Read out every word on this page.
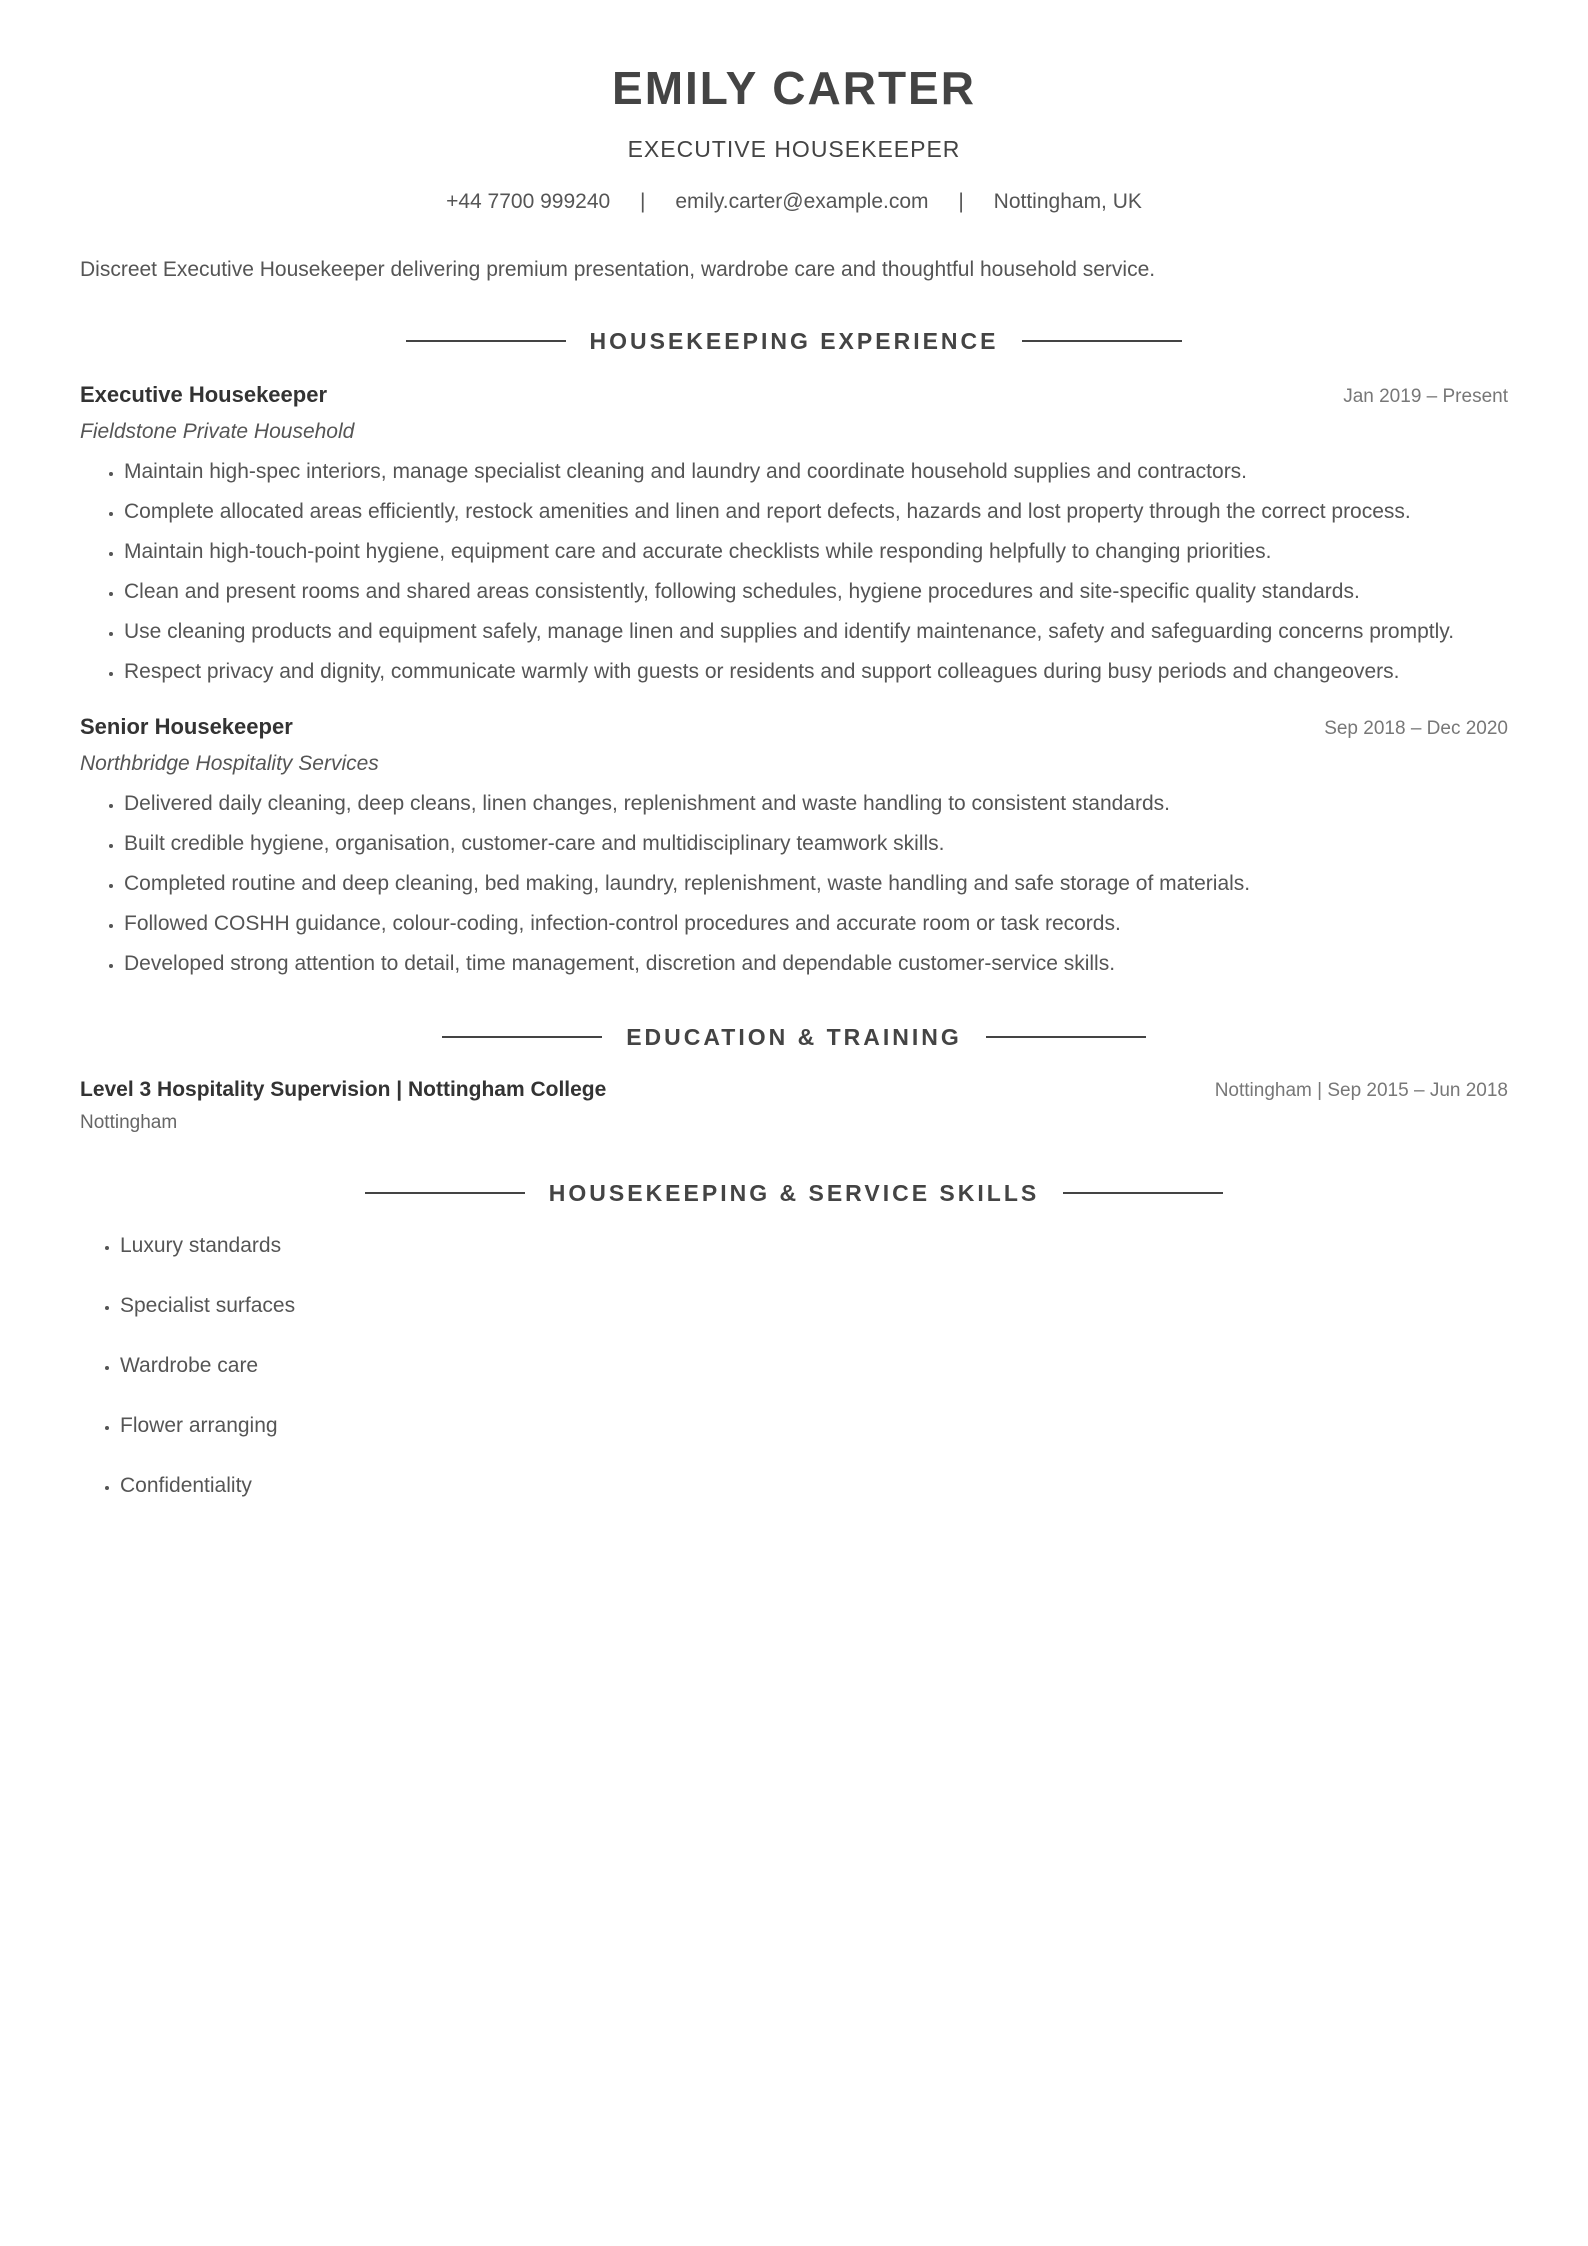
EMILY CARTER
EXECUTIVE HOUSEKEEPER
+44 7700 999240 | emily.carter@example.com | Nottingham, UK
Discreet Executive Housekeeper delivering premium presentation, wardrobe care and thoughtful household service.
HOUSEKEEPING EXPERIENCE
Executive Housekeeper	Jan 2019 – Present
Fieldstone Private Household
• Maintain high-spec interiors, manage specialist cleaning and laundry and coordinate household supplies and contractors.
• Complete allocated areas efficiently, restock amenities and linen and report defects, hazards and lost property through the correct process.
• Maintain high-touch-point hygiene, equipment care and accurate checklists while responding helpfully to changing priorities.
• Clean and present rooms and shared areas consistently, following schedules, hygiene procedures and site-specific quality standards.
• Use cleaning products and equipment safely, manage linen and supplies and identify maintenance, safety and safeguarding concerns promptly.
• Respect privacy and dignity, communicate warmly with guests or residents and support colleagues during busy periods and changeovers.
Senior Housekeeper	Sep 2018 – Dec 2020
Northbridge Hospitality Services
• Delivered daily cleaning, deep cleans, linen changes, replenishment and waste handling to consistent standards.
• Built credible hygiene, organisation, customer-care and multidisciplinary teamwork skills.
• Completed routine and deep cleaning, bed making, laundry, replenishment, waste handling and safe storage of materials.
• Followed COSHH guidance, colour-coding, infection-control procedures and accurate room or task records.
• Developed strong attention to detail, time management, discretion and dependable customer-service skills.
EDUCATION & TRAINING
Level 3 Hospitality Supervision | Nottingham College	Nottingham | Sep 2015 – Jun 2018
Nottingham
HOUSEKEEPING & SERVICE SKILLS
• Luxury standards
• Specialist surfaces
• Wardrobe care
• Flower arranging
• Confidentiality
